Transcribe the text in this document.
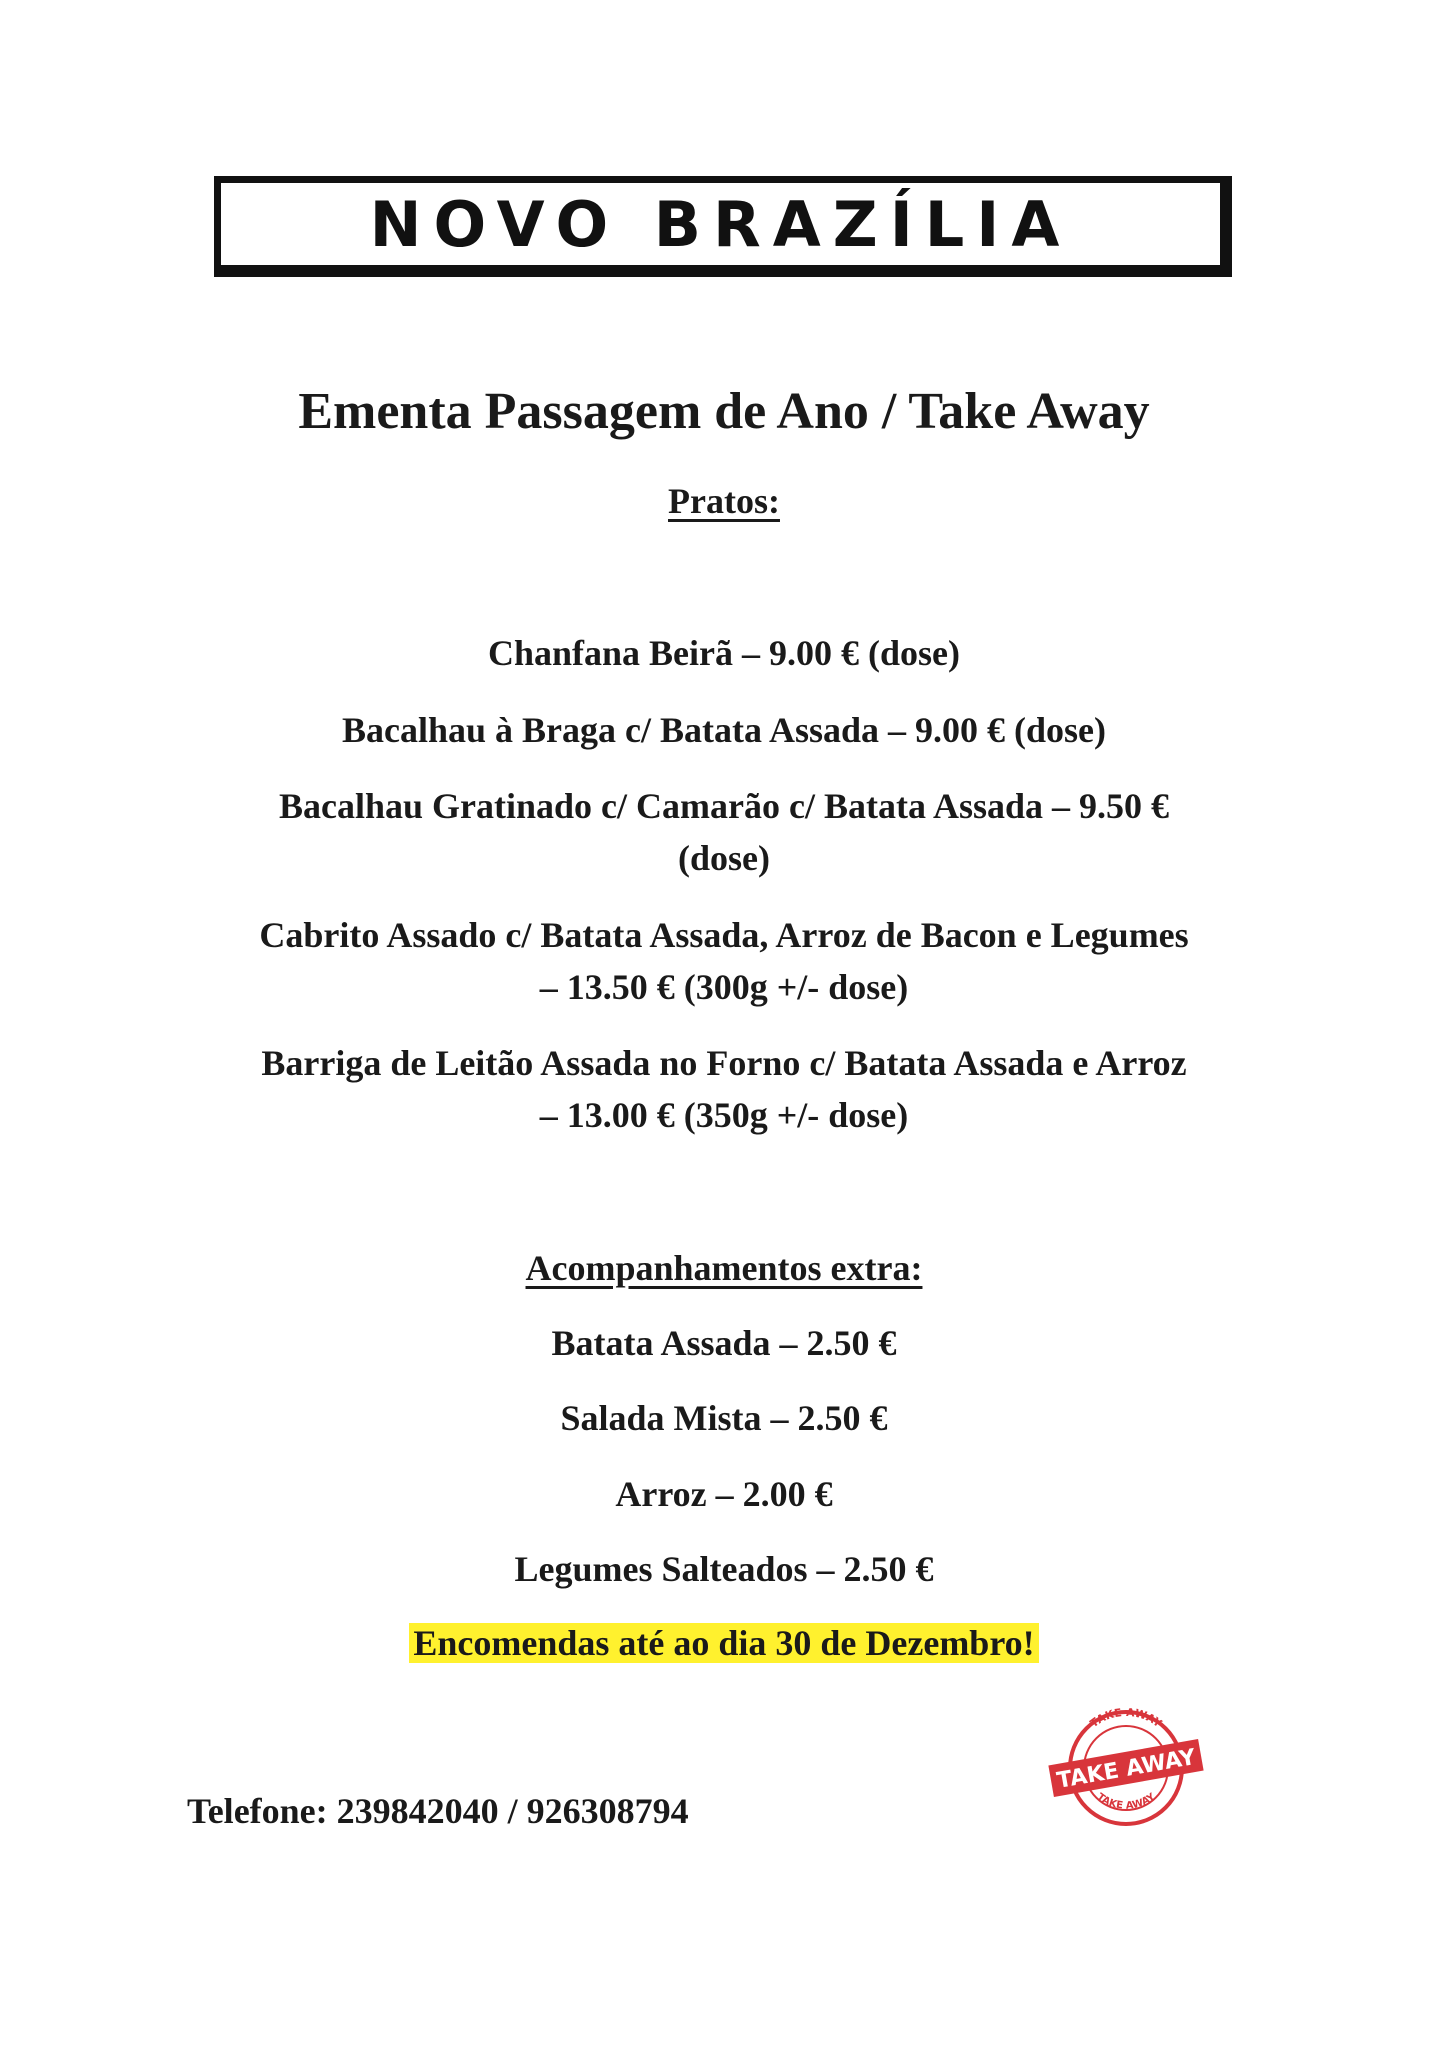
NOVO BRAZÍLIA
Ementa Passagem de Ano / Take Away
Pratos:
Chanfana Beirã – 9.00 € (dose)
Bacalhau à Braga c/ Batata Assada – 9.00 € (dose)
Bacalhau Gratinado c/ Camarão c/ Batata Assada – 9.50 €
(dose)
Cabrito Assado c/ Batata Assada, Arroz de Bacon e Legumes
– 13.50 € (300g +/- dose)
Barriga de Leitão Assada no Forno c/ Batata Assada e Arroz
– 13.00 € (350g +/- dose)
Acompanhamentos extra:
Batata Assada – 2.50 €
Salada Mista – 2.50 €
Arroz – 2.00 €
Legumes Salteados – 2.50 €
Encomendas até ao dia 30 de Dezembro!
Telefone: 239842040 / 926308794
TAKE AWAY
TAKE AWAY
TAKE AWAY
